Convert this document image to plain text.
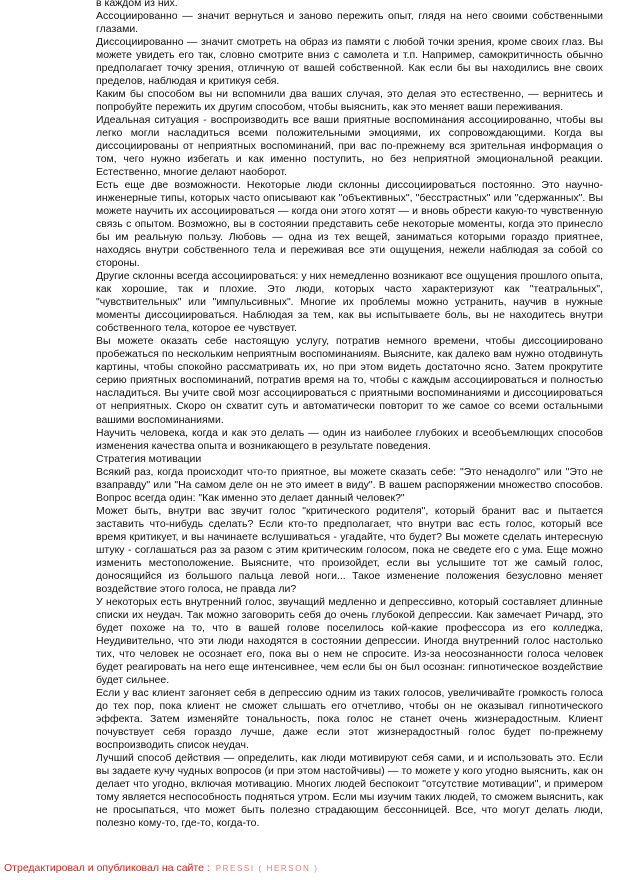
в каждом из них.

Ассоциированно — значит вернуться и заново пережить опыт, глядя на него своими собственными глазами.

Диссоциированно — значит смотреть на образ из памяти с любой точки зрения, кроме своих глаз. Вы можете увидеть его так, словно смотрите вниз с самолета и т.п. Например, самокритичность обычно предполагает точку зрения, отличную от вашей собственной. Как если бы вы находились вне своих пределов, наблюдая и критикуя себя.

Каким бы способом вы ни вспомнили два ваших случая, это делая это естественно, — вернитесь и попробуйте пережить их другим способом, чтобы выяснить, как это меняет ваши переживания.

Идеальная ситуация - воспроизводить все ваши приятные воспоминания ассоциированно, чтобы вы легко могли насладиться всеми положительными эмоциями, их сопровождающими. Когда вы диссоциированы от неприятных воспоминаний, при вас по-прежнему вся зрительная информация о том, чего нужно избегать и как именно поступить, но без неприятной эмоциональной реакции. Естественно, многие делают наоборот.

Есть еще две возможности. Некоторые люди склонны диссоциироваться постоянно. Это научно-инженерные типы, которых часто описывают как "объективных", "бесстрастных" или "сдержанных". Вы можете научить их ассоциироваться — когда они этого хотят — и вновь обрести какую-то чувственную связь с опытом. Возможно, вы в состоянии представить себе некоторые моменты, когда это принесло бы им реальную пользу. Любовь — одна из тех вещей, заниматься которыми гораздо приятнее, находясь внутри собственного тела и переживая все эти ощущения, нежели наблюдая за собой со стороны.

Другие склонны всегда ассоциироваться: у них немедленно возникают все ощущения прошлого опыта, как хорошие, так и плохие. Это люди, которых часто характеризуют как "театральных", "чувствительных" или "импульсивных". Многие их проблемы можно устранить, научив в нужные моменты диссоциироваться. Наблюдая за тем, как вы испытываете боль, вы не находитесь внутри собственного тела, которое ее чувствует.

Вы можете оказать себе настоящую услугу, потратив немного времени, чтобы диссоциировано пробежаться по нескольким неприятным воспоминаниям. Выясните, как далеко вам нужно отодвинуть картины, чтобы спокойно рассматривать их, но при этом видеть достаточно ясно. Затем прокрутите серию приятных воспоминаний, потратив время на то, чтобы с каждым ассоциироваться и полностью насладиться. Вы учите свой мозг ассоциироваться с приятными воспоминаниями и диссоциироваться от неприятных. Скоро он схватит суть и автоматически повторит то же самое со всеми остальными вашими воспоминаниями.

Научить человека, когда и как это делать — один из наиболее глубоких и всеобъемлющих способов изменения качества опыта и возникающего в результате поведения.

Стратегия мотивации

Всякий раз, когда происходит что-то приятное, вы можете сказать себе: "Это ненадолго" или "Это не взаправду" или "На самом деле он не это имеет в виду". В вашем распоряжении множество способов. Вопрос всегда один: "Как именно это делает данный человек?"

Может быть, внутри вас звучит голос "критического родителя", который бранит вас и пытается заставить что-нибудь сделать? Если кто-то предполагает, что внутри вас есть голос, который все время критикует, и вы начинаете вслушиваться - угадайте, что будет? Вы можете сделать интересную штуку - соглашаться раз за разом с этим критическим голосом, пока не сведете его с ума. Еще можно изменить местоположение. Выясните, что произойдет, если вы услышите тот же самый голос, доносящийся из большого пальца левой ноги... Такое изменение положения безусловно меняет воздействие этого голоса, не правда ли?

У некоторых есть внутренний голос, звучащий медленно и депрессивно, который составляет длинные списки их неудач. Так можно заговорить себя до очень глубокой депрессии. Как замечает Ричард, это будет похоже на то, что в вашей голове поселилось кой-какие профессора из его колледжа, Неудивительно, что эти люди находятся в состоянии депрессии. Иногда внутренний голос настолько тих, что человек не осознает его, пока вы о нем не спросите. Из-за неосознанности голоса человек будет реагировать на него еще интенсивнее, чем если бы он был осознан: гипнотическое воздействие будет сильнее.

Если у вас клиент загоняет себя в депрессию одним из таких голосов, увеличивайте громкость голоса до тех пор, пока клиент не сможет слышать его отчетливо, чтобы он не оказывал гипнотического эффекта. Затем изменяйте тональность, пока голос не станет очень жизнерадостным. Клиент почувствует себя гораздо лучше, даже если этот жизнерадостный голос будет по-прежнему воспроизводить список неудач.

Лучший способ действия — определить, как люди мотивируют себя сами, и и использовать это. Если вы задаете кучу чудных вопросов (и при этом настойчивы) — то можете у кого угодно выяснить, как он делает что угодно, включая мотивацию. Многих людей беспокоит "отсутствие мотивации", и примером тому является неспособность подняться утром. Если мы изучим таких людей, то сможем выяснить, как не просыпаться, что может быть полезно страдающим бессонницей. Все, что могут делать люди, полезно кому-то, где-то, когда-то.

Отредактировал и опубликовал на сайте : PRESSI ( HERSON )
